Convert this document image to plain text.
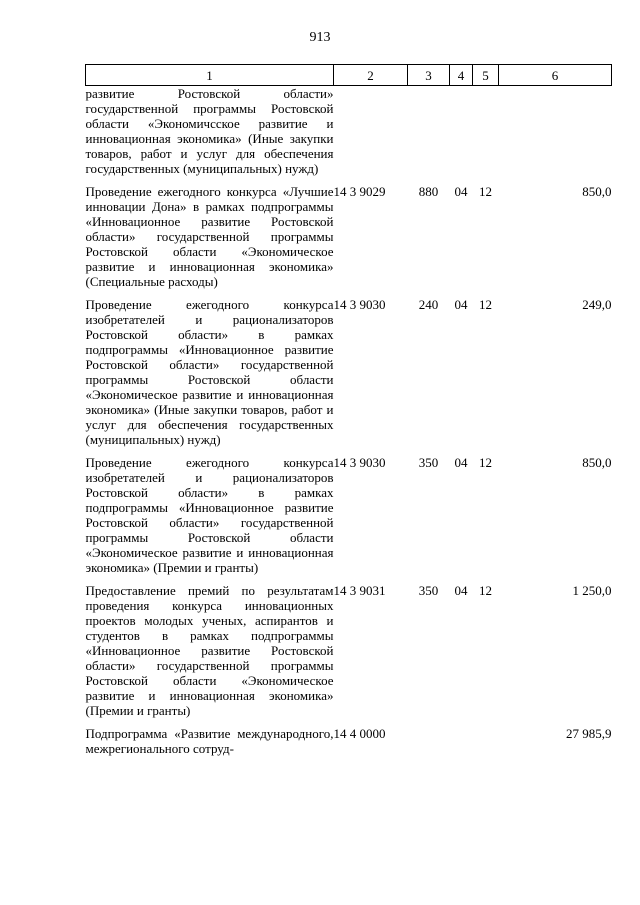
913
1	2	3	4	5	6
развитие Ростовской области» государственной программы Ростовской области «Экономичсское развитие и инновационная экономика» (Иные закупки товаров, работ и услуг для обеспечения государственных (муниципальных) нужд)					
Проведение ежегодного конкурса «Лучшие инновации Дона» в рамках подпрограммы «Инновационное развитие Ростовской области» государственной программы Ростовской области «Экономическое развитие и инновационная экономика» (Специальные расходы)	14 3 9029	880	04	12	850,0
Проведение ежегодного конкурса изобретателей и рационализаторов Ростовской области» в рамках подпрограммы «Инновационное развитие Ростовской области» государственной программы Ростовской области «Экономическое развитие и инновационная экономика» (Иные закупки товаров, работ и услуг для обеспечения государственных (муниципальных) нужд)	14 3 9030	240	04	12	249,0
Проведение ежегодного конкурса изобретателей и рационализаторов Ростовской области» в рамках подпрограммы «Инновационное развитие Ростовской области» государственной программы Ростовской области «Экономическое развитие и инновационная экономика» (Премии и гранты)	14 3 9030	350	04	12	850,0
Предоставление премий по результатам проведения конкурса инновационных проектов молодых ученых, аспирантов и студентов в рамках подпрограммы «Инновационное развитие Ростовской области» государственной программы Ростовской области «Экономическое развитие и инновационная экономика» (Премии и гранты)	14 3 9031	350	04	12	1 250,0
Подпрограмма «Развитие международного, межрегионального сотруд-	14 4 0000				27 985,9
